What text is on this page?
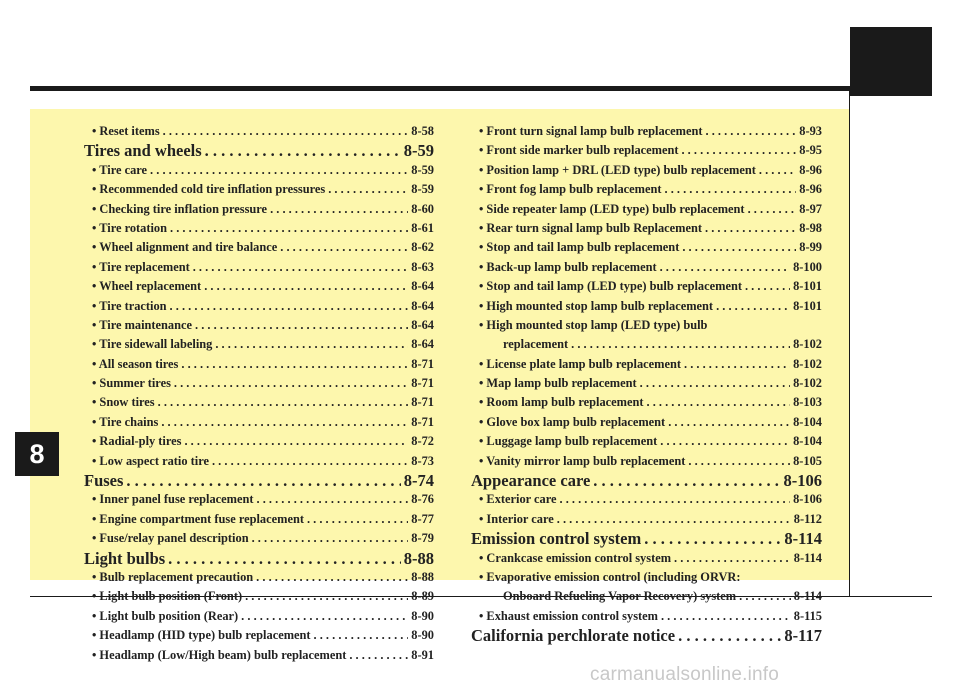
8
• Reset items . . .	8-58
Tires and wheels . . .	8-59
• Tire care . . .	8-59
• Recommended cold tire inflation pressures . . .	8-59
• Checking tire inflation pressure . . .	8-60
• Tire rotation . . .	8-61
• Wheel alignment and tire balance . . .	8-62
• Tire replacement . . .	8-63
• Wheel replacement . . .	8-64
• Tire traction . . .	8-64
• Tire maintenance . . .	8-64
• Tire sidewall labeling . . .	8-64
• All season tires . . .	8-71
• Summer tires . . .	8-71
• Snow tires . . .	8-71
• Tire chains . . .	8-71
• Radial-ply tires . . .	8-72
• Low aspect ratio tire . . .	8-73
Fuses . . .	8-74
• Inner panel fuse replacement . . .	8-76
• Engine compartment fuse replacement . . .	8-77
• Fuse/relay panel description . . .	8-79
Light bulbs . . .	8-88
• Bulb replacement precaution . . .	8-88
• Light bulb position (Front) . . .	8-89
• Light bulb position (Rear) . . .	8-90
• Headlamp (HID type) bulb replacement . . .	8-90
• Headlamp (Low/High beam) bulb replacement . . .	8-91
• Front turn signal lamp bulb replacement . . .	8-93
• Front side marker bulb replacement . . .	8-95
• Position lamp + DRL (LED type) bulb replacement . . .	8-96
• Front fog lamp bulb replacement . . .	8-96
• Side repeater lamp (LED type) bulb replacement . . .	8-97
• Rear turn signal lamp bulb Replacement . . .	8-98
• Stop and tail lamp bulb replacement . . .	8-99
• Back-up lamp bulb replacement . . .	8-100
• Stop and tail lamp (LED type) bulb replacement . . .	8-101
• High mounted stop lamp bulb replacement . . .	8-101
• High mounted stop lamp (LED type) bulb
replacement . . .	8-102
• License plate lamp bulb replacement . . .	8-102
• Map lamp bulb replacement . . .	8-102
• Room lamp bulb replacement . . .	8-103
• Glove box lamp bulb replacement . . .	8-104
• Luggage lamp bulb replacement . . .	8-104
• Vanity mirror lamp bulb replacement . . .	8-105
Appearance care . . .	8-106
• Exterior care . . .	8-106
• Interior care . . .	8-112
Emission control system . . .	8-114
• Crankcase emission control system . . .	8-114
• Evaporative emission control (including ORVR:
Onboard Refueling Vapor Recovery) system . . .	8-114
• Exhaust emission control system . . .	8-115
California perchlorate notice . . .	8-117
carmanualsonline.info
